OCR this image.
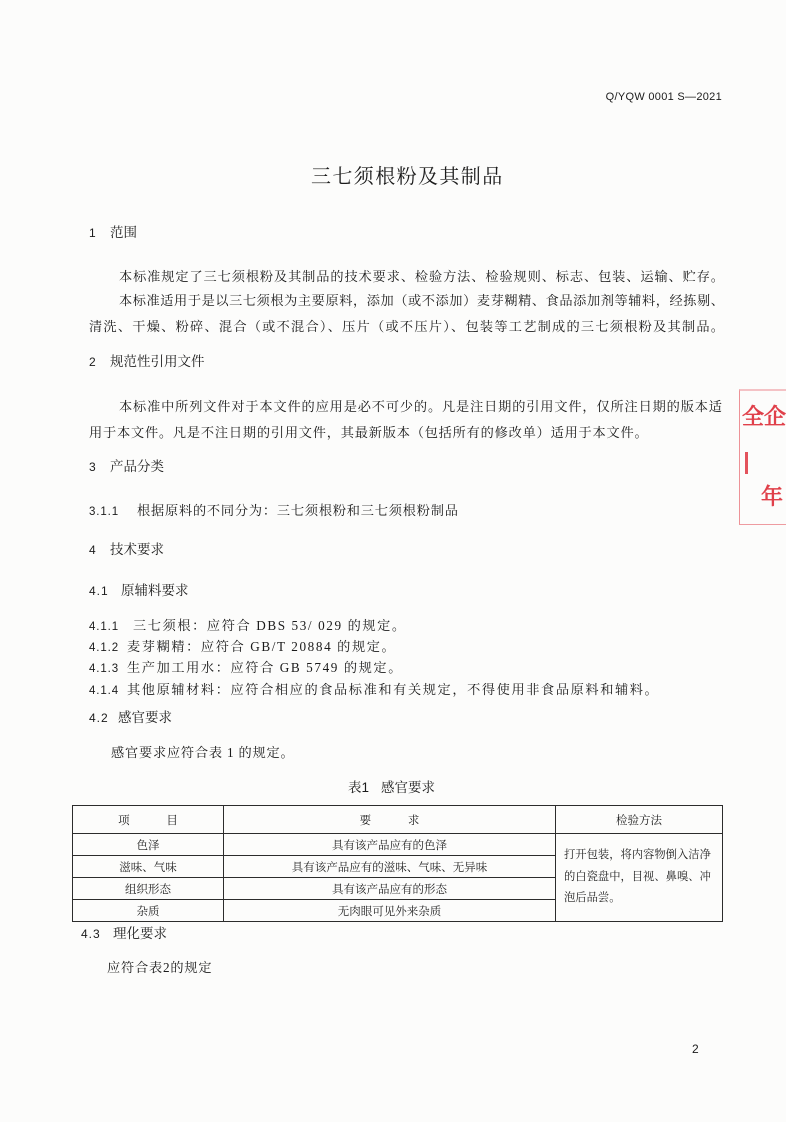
Q/YQW 0001 S—2021
三七须根粉及其制品
1 范围
本标准规定了三七须根粉及其制品的技术要求、检验方法、检验规则、标志、包装、运输、贮存。
本标准适用于是以三七须根为主要原料，添加（或不添加）麦芽糊精、食品添加剂等辅料，经拣剔、
清洗、干燥、粉碎、混合（或不混合）、压片（或不压片）、包装等工艺制成的三七须根粉及其制品。
2 规范性引用文件
本标准中所列文件对于本文件的应用是必不可少的。凡是注日期的引用文件，仅所注日期的版本适
用于本文件。凡是不注日期的引用文件，其最新版本（包括所有的修改单）适用于本文件。
3 产品分类
3.1.1 根据原料的不同分为：三七须根粉和三七须根粉制品
4 技术要求
4.1 原辅料要求
4.1.1 三七须根：应符合 DBS 53/ 029 的规定。
4.1.2 麦芽糊精：应符合 GB/T 20884 的规定。
4.1.3 生产加工用水：应符合 GB 5749 的规定。
4.1.4 其他原辅材料：应符合相应的食品标准和有关规定，不得使用非食品原料和辅料。
4.2 感官要求
感官要求应符合表 1 的规定。
表1 感官要求
项 目	要 求	检验方法
色泽	具有该产品应有的色泽	打开包装，将内容物倒入洁净的白瓷盘中，目视、鼻嗅、冲泡后品尝。
滋味、气味	具有该产品应有的滋味、气味、无异味	
组织形态	具有该产品应有的形态	
杂质	无肉眼可见外来杂质	
4.3 理化要求
应符合表2的规定
2
全企
年
